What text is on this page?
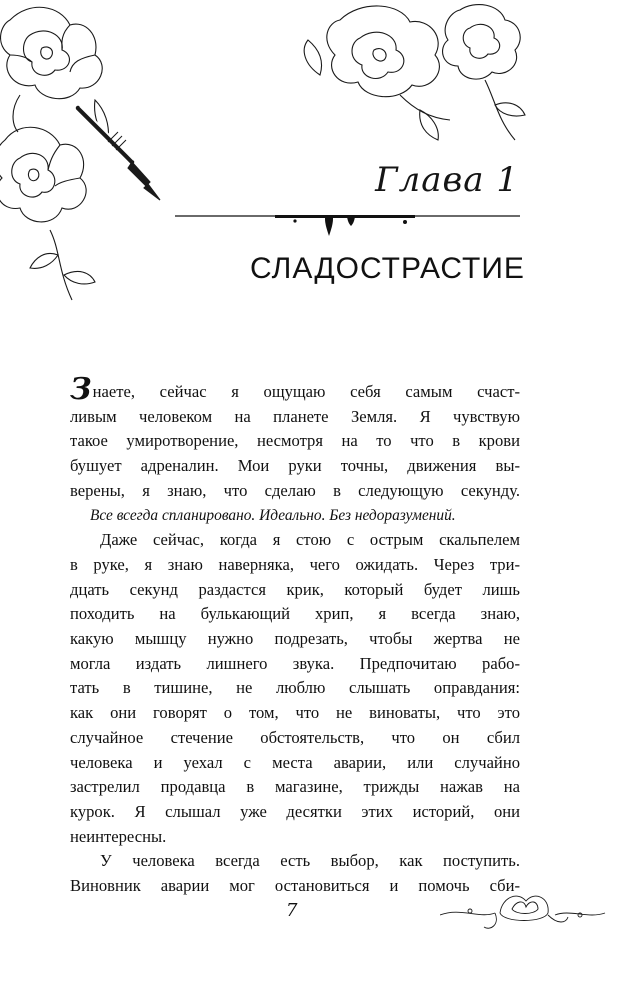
Глава 1
СЛАДОСТРАСТИЕ
З наете, сейчас я ощущаю себя самым счаст-
ливым человеком на планете Земля. Я чувствую
такое умиротворение, несмотря на то что в крови
бушует адреналин. Мои руки точны, движения вы-
верены, я знаю, что сделаю в следующую секунду.
Все всегда спланировано. Идеально. Без недоразумений.
Даже сейчас, когда я стою с острым скальпелем
в руке, я знаю наверняка, чего ожидать. Через три-
дцать секунд раздастся крик, который будет лишь
походить на булькающий хрип, я всегда знаю,
какую мышцу нужно подрезать, чтобы жертва не
могла издать лишнего звука. Предпочитаю рабо-
тать в тишине, не люблю слышать оправдания:
как они говорят о том, что не виноваты, что это
случайное стечение обстоятельств, что он сбил
человека и уехал с места аварии, или случайно
застрелил продавца в магазине, трижды нажав на
курок. Я слышал уже десятки этих историй, они
неинтересны.
У человека всегда есть выбор, как поступить.
Виновник аварии мог остановиться и помочь сби-
7
